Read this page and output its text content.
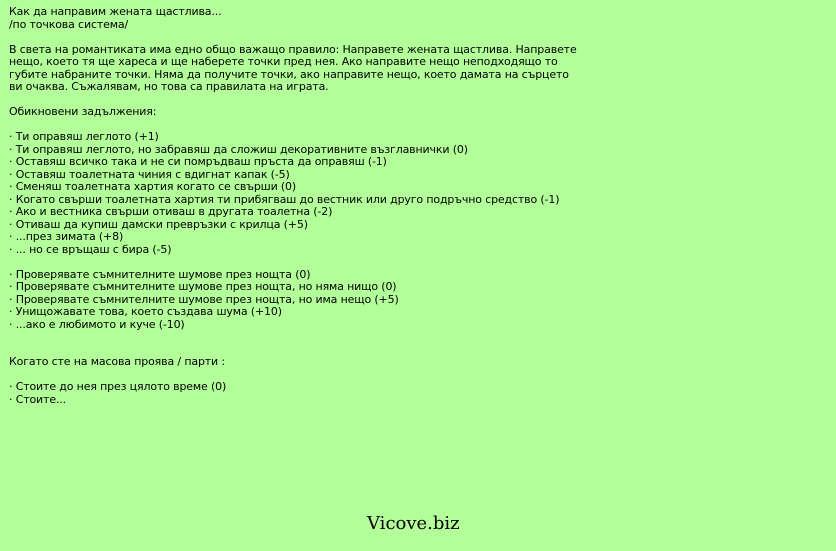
Как да направим жената щастлива...
/по точкова система/
В света на романтиката има едно общо важащо правило: Направете жената щастлива. Направете
нещо, което тя ще хареса и ще наберете точки пред нея. Ако направите нещо неподходящо то
губите набраните точки. Няма да получите точки, ако направите нещо, което дамата на сърцето
ви очаква. Съжалявам, но това са правилата на играта.
Обикновени задължения:
· Ти оправяш леглото (+1)
· Ти оправяш леглото, но забравяш да сложиш декоративните възглавнички (0)
· Оставяш всичко така и не си помръдваш пръста да оправяш (-1)
· Оставяш тоалетната чиния с вдигнат капак (-5)
· Сменяш тоалетната хартия когато се свърши (0)
· Когато свърши тоалетната хартия ти прибягваш до вестник или друго подръчно средство (-1)
· Ако и вестника свърши отиваш в другата тоалетна (-2)
· Отиваш да купиш дамски превръзки с крилца (+5)
· ...през зимата (+8)
· ... но се връщаш с бира (-5)
· Проверявате съмнителните шумове през нощта (0)
· Проверявате съмнителните шумове през нощта, но няма нищо (0)
· Проверявате съмнителните шумове през нощта, но има нещо (+5)
· Унищожавате това, което създава шума (+10)
· ...ако е любимото и куче (-10)
Когато сте на масова проява / парти :
· Стоите до нея през цялото време (0)
· Стоите...
Vicove.biz
